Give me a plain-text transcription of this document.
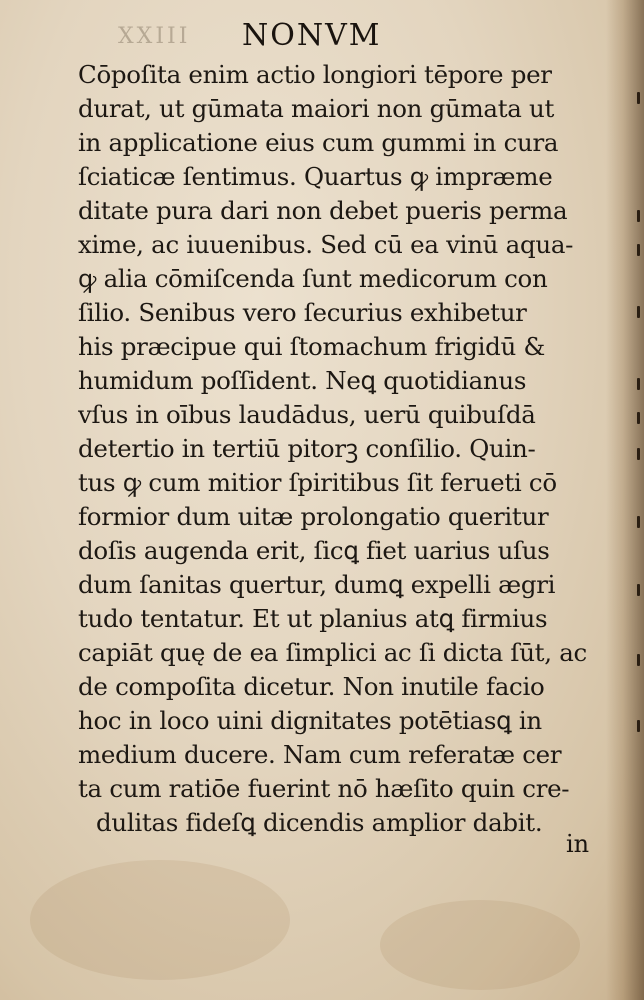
XXIII NONVM
Cōpoſita enim actio longiori tēpore per
durat, ut gūmata maiori non gūmata ut
in applicatione eius cum gummi in cura
ſciaticæ ſentimus. Quartus ꝙ impræme
ditate pura dari non debet pueris perma
xime, ac iuuenibus. Sed cū ea vinū aqua-
ꝙ alia cōmiſcenda ſunt medicorum con
ſilio. Senibus vero ſecurius exhibetur
his præcipue qui ſtomachum frigidū &
humidum poſſident. Neꝗ quotidianus
vſus in oībus laudādus, uerū quibuſdā
detertio in tertiū pitorꝫ conſilio. Quin-
tus ꝙ cum mitior ſpiritibus ſit ferueti cō
formior dum uitæ prolongatio queritur
doſis augenda erit, ſicꝗ fiet uarius uſus
dum ſanitas quertur, dumꝗ expelli ægri
tudo tentatur. Et ut planius atꝗ firmius
capiāt quę de ea ſimplici ac ſi dicta ſūt, ac
de compoſita dicetur. Non inutile facio
hoc in loco uini dignitates potētiasꝗ in
medium ducere. Nam cum referatæ cer
ta cum ratiōe fuerint nō hæſito quin cre-
dulitas fideſꝗ dicendis amplior dabit.
in
